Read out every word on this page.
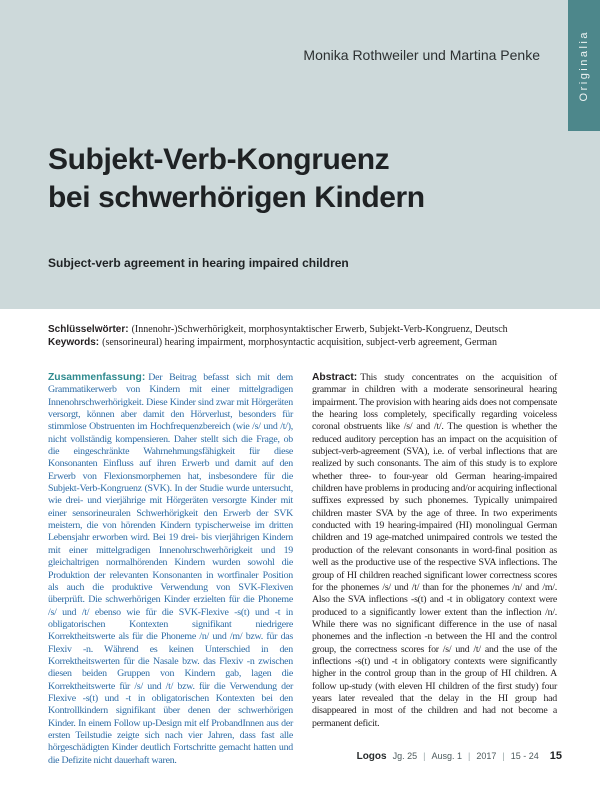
Originalia
Monika Rothweiler und Martina Penke
Subjekt-Verb-Kongruenz
bei schwerhörigen Kindern
Subject-verb agreement in hearing impaired children
Schlüsselwörter: (Innenohr-)Schwerhörigkeit, morphosyntaktischer Erwerb, Subjekt-Verb-Kongruenz, Deutsch
Keywords: (sensorineural) hearing impairment, morphosyntactic acquisition, subject-verb agreement, German

Zusammenfassung: Der Beitrag befasst sich mit dem Grammatikerwerb von Kindern mit einer mittelgradigen Innenohrschwerhörigkeit. Diese Kinder sind zwar mit Hörgeräten versorgt, können aber damit den Hörverlust, besonders für stimmlose Obstruenten im Hochfrequenzbereich (wie /s/ und /t/), nicht vollständig kompensieren. Daher stellt sich die Frage, ob die eingeschränkte Wahrnehmungsfähigkeit für diese Konsonanten Einfluss auf ihren Erwerb und damit auf den Erwerb von Flexionsmorphemen hat, insbesondere für die Subjekt-Verb-Kongruenz (SVK). In der Studie wurde untersucht, wie drei- und vierjährige mit Hörgeräten versorgte Kinder mit einer sensorineuralen Schwerhörigkeit den Erwerb der SVK meistern, die von hörenden Kindern typischerweise im dritten Lebensjahr erworben wird. Bei 19 drei- bis vierjährigen Kindern mit einer mittelgradigen Innenohrschwerhörigkeit und 19 gleichaltrigen normalhörenden Kindern wurden sowohl die Produktion der relevanten Konsonanten in wortfinaler Position als auch die produktive Verwendung von SVK-Flexiven überprüft. Die schwerhörigen Kinder erzielten für die Phoneme /s/ und /t/ ebenso wie für die SVK-Flexive -s(t) und -t in obligatorischen Kontexten signifikant niedrigere Korrektheitswerte als für die Phoneme /n/ und /m/ bzw. für das Flexiv -n. Während es keinen Unterschied in den Korrektheitswerten für die Nasale bzw. das Flexiv -n zwischen diesen beiden Gruppen von Kindern gab, lagen die Korrektheitswerte für /s/ und /t/ bzw. für die Verwendung der Flexive -s(t) und -t in obligatorischen Kontexten bei den Kontrollkindern signifikant über denen der schwerhörigen Kinder. In einem Follow up-Design mit elf ProbandInnen aus der ersten Teilstudie zeigte sich nach vier Jahren, dass fast alle hörgeschädigten Kinder deutlich Fortschritte gemacht hatten und die Defizite nicht dauerhaft waren.

Abstract: This study concentrates on the acquisition of grammar in children with a moderate sensorineural hearing impairment. The provision with hearing aids does not compensate the hearing loss completely, specifically regarding voiceless coronal obstruents like /s/ and /t/. The question is whether the reduced auditory perception has an impact on the acquisition of subject-verb-agreement (SVA), i.e. of verbal inflections that are realized by such consonants. The aim of this study is to explore whether three- to four-year old German hearing-impaired children have problems in producing and/or acquiring inflectional suffixes expressed by such phonemes. Typically unimpaired children master SVA by the age of three. In two experiments conducted with 19 hearing-impaired (HI) monolingual German children and 19 age-matched unimpaired controls we tested the production of the relevant consonants in word-final position as well as the productive use of the respective SVA inflections. The group of HI children reached significant lower correctness scores for the phonemes /s/ und /t/ than for the phonemes /n/ and /m/. Also the SVA inflections -s(t) and -t in obligatory context were produced to a significantly lower extent than the inflection /n/. While there was no significant difference in the use of nasal phonemes and the inflection -n between the HI and the control group, the correctness scores for /s/ und /t/ and the use of the inflections -s(t) und -t in obligatory contexts were significantly higher in the control group than in the group of HI children. A follow up-study (with eleven HI children of the first study) four years later revealed that the delay in the HI group had disappeared in most of the children and had not become a permanent deficit.

Logos Jg. 25 | Ausg. 1 | 2017 | 15 - 24 15
